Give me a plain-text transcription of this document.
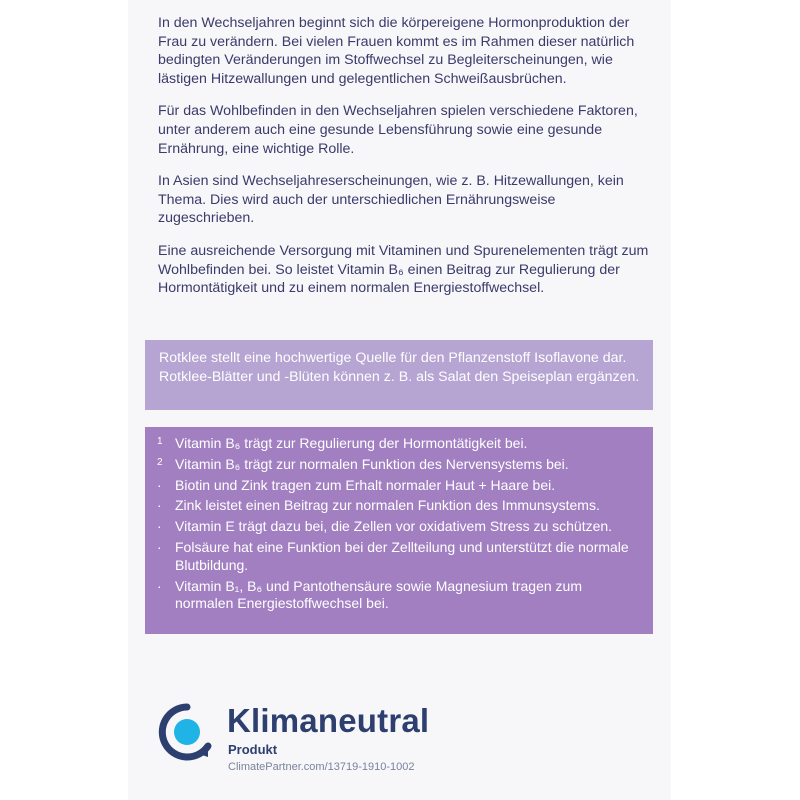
In den Wechseljahren beginnt sich die körpereigene Hormonproduktion der Frau zu verändern. Bei vielen Frauen kommt es im Rahmen dieser natürlich bedingten Veränderungen im Stoffwechsel zu Begleiterscheinungen, wie lästigen Hitzewallungen und gelegentlichen Schweißausbrüchen.

Für das Wohlbefinden in den Wechseljahren spielen verschiedene Faktoren, unter anderem auch eine gesunde Lebensführung sowie eine gesunde Ernährung, eine wichtige Rolle.

In Asien sind Wechseljahreserscheinungen, wie z. B. Hitzewallungen, kein Thema. Dies wird auch der unterschiedlichen Ernährungsweise zugeschrieben.

Eine ausreichende Versorgung mit Vitaminen und Spurenelementen trägt zum Wohlbefinden bei. So leistet Vitamin B₆ einen Beitrag zur Regulierung der Hormontätigkeit und zu einem normalen Energiestoffwechsel.

Rotklee stellt eine hochwertige Quelle für den Pflanzenstoff Isoflavone dar. Rotklee-Blätter und -Blüten können z. B. als Salat den Speiseplan ergänzen.
1 Vitamin B₆ trägt zur Regulierung der Hormontätigkeit bei.
2 Vitamin B₆ trägt zur normalen Funktion des Nervensystems bei.
· Biotin und Zink tragen zum Erhalt normaler Haut + Haare bei.
· Zink leistet einen Beitrag zur normalen Funktion des Immunsystems.
· Vitamin E trägt dazu bei, die Zellen vor oxidativem Stress zu schützen.
· Folsäure hat eine Funktion bei der Zellteilung und unterstützt die normale Blutbildung.
· Vitamin B₁, B₆ und Pantothensäure sowie Magnesium tragen zum normalen Energiestoffwechsel bei.
Klimaneutral
Produkt
ClimatePartner.com/13719-1910-1002
